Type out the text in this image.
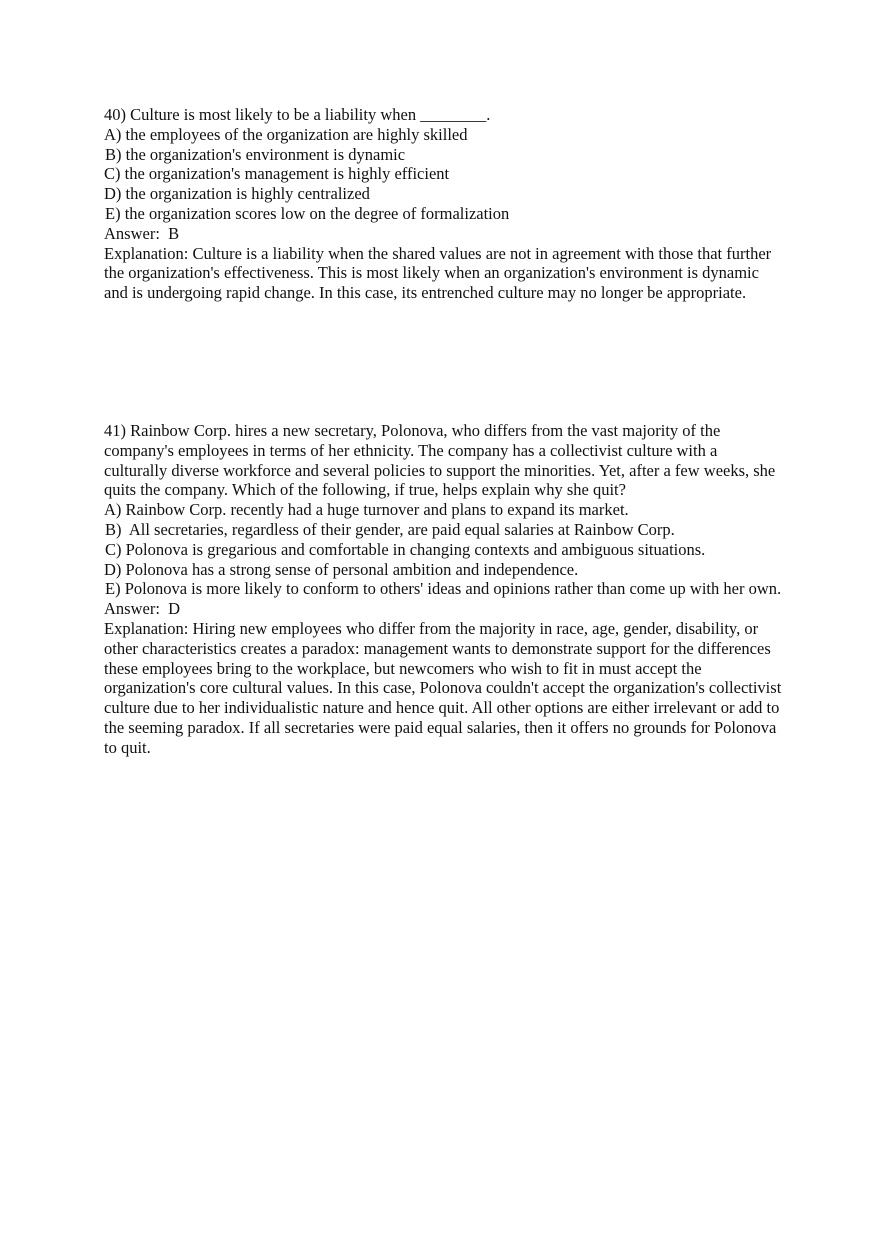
40) Culture is most likely to be a liability when ________.
A) the employees of the organization are highly skilled
B) the organization's environment is dynamic
C) the organization's management is highly efficient
D) the organization is highly centralized
E) the organization scores low on the degree of formalization
Answer:  B
Explanation: Culture is a liability when the shared values are not in agreement with those that further the organization's effectiveness. This is most likely when an organization's environment is dynamic and is undergoing rapid change. In this case, its entrenched culture may no longer be appropriate.
41) Rainbow Corp. hires a new secretary, Polonova, who differs from the vast majority of the company's employees in terms of her ethnicity. The company has a collectivist culture with a culturally diverse workforce and several policies to support the minorities. Yet, after a few weeks, she quits the company. Which of the following, if true, helps explain why she quit?
A) Rainbow Corp. recently had a huge turnover and plans to expand its market.
B)  All secretaries, regardless of their gender, are paid equal salaries at Rainbow Corp.
C) Polonova is gregarious and comfortable in changing contexts and ambiguous situations.
D) Polonova has a strong sense of personal ambition and independence.
E) Polonova is more likely to conform to others' ideas and opinions rather than come up with her own.
Answer:  D
Explanation: Hiring new employees who differ from the majority in race, age, gender, disability, or other characteristics creates a paradox: management wants to demonstrate support for the differences these employees bring to the workplace, but newcomers who wish to fit in must accept the organization's core cultural values. In this case, Polonova couldn't accept the organization's collectivist culture due to her individualistic nature and hence quit. All other options are either irrelevant or add to the seeming paradox. If all secretaries were paid equal salaries, then it offers no grounds for Polonova to quit.
